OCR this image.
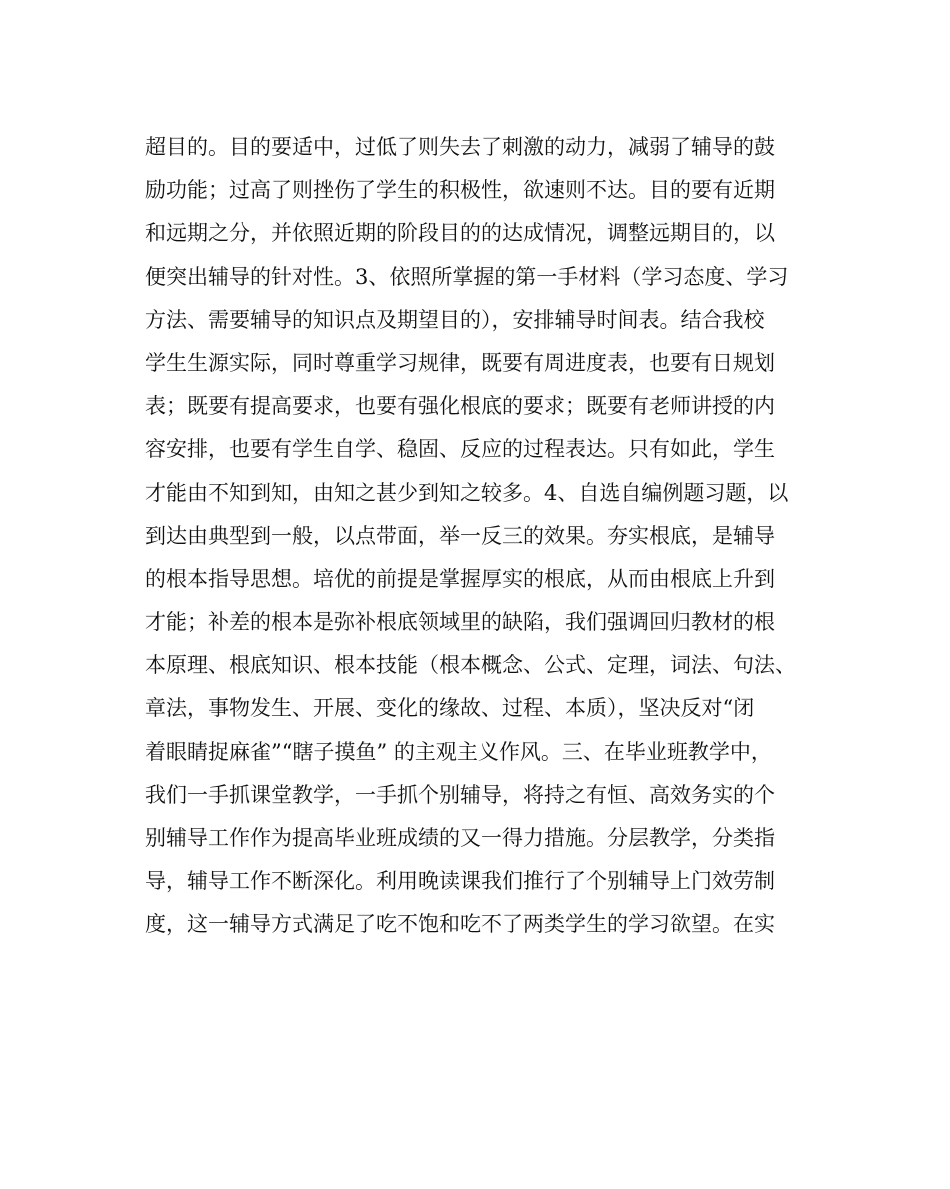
超目的。目的要适中，过低了则失去了刺激的动力，减弱了辅导的鼓
励功能；过高了则挫伤了学生的积极性，欲速则不达。目的要有近期
和远期之分，并依照近期的阶段目的的达成情况，调整远期目的，以
便突出辅导的针对性。3、依照所掌握的第一手材料（学习态度、学习
方法、需要辅导的知识点及期望目的），安排辅导时间表。结合我校
学生生源实际，同时尊重学习规律，既要有周进度表，也要有日规划
表；既要有提高要求，也要有强化根底的要求；既要有老师讲授的内
容安排，也要有学生自学、稳固、反应的过程表达。只有如此，学生
才能由不知到知，由知之甚少到知之较多。4、自选自编例题习题，以
到达由典型到一般，以点带面，举一反三的效果。夯实根底，是辅导
的根本指导思想。培优的前提是掌握厚实的根底，从而由根底上升到
才能；补差的根本是弥补根底领域里的缺陷，我们强调回归教材的根
本原理、根底知识、根本技能（根本概念、公式、定理，词法、句法、
章法，事物发生、开展、变化的缘故、过程、本质），坚决反对“闭
着眼睛捉麻雀”“瞎子摸鱼” 的主观主义作风。三、在毕业班教学中，
我们一手抓课堂教学，一手抓个别辅导，将持之有恒、高效务实的个
别辅导工作作为提高毕业班成绩的又一得力措施。分层教学，分类指
导，辅导工作不断深化。利用晚读课我们推行了个别辅导上门效劳制
度，这一辅导方式满足了吃不饱和吃不了两类学生的学习欲望。在实
